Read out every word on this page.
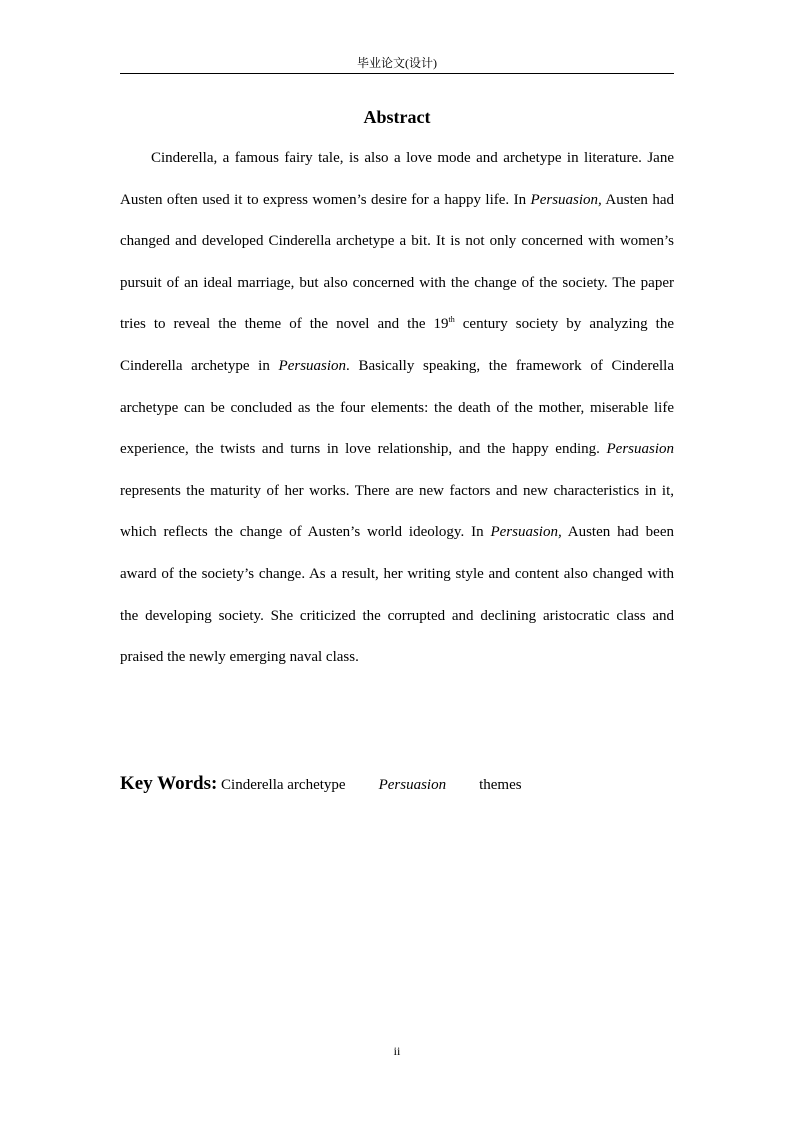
毕业论文(设计)
Abstract

Cinderella, a famous fairy tale, is also a love mode and archetype in literature. Jane Austen often used it to express women’s desire for a happy life. In Persuasion, Austen had changed and developed Cinderella archetype a bit. It is not only concerned with women’s pursuit of an ideal marriage, but also concerned with the change of the society. The paper tries to reveal the theme of the novel and the 19th century society by analyzing the Cinderella archetype in Persuasion. Basically speaking, the framework of Cinderella archetype can be concluded as the four elements: the death of the mother, miserable life experience, the twists and turns in love relationship, and the happy ending. Persuasion represents the maturity of her works. There are new factors and new characteristics in it, which reflects the change of Austen’s world ideology. In Persuasion, Austen had been award of the society’s change. As a result, her writing style and content also changed with the developing society. She criticized the corrupted and declining aristocratic class and praised the newly emerging naval class.

Key Words: Cinderella archetype Persuasion themes
ii
